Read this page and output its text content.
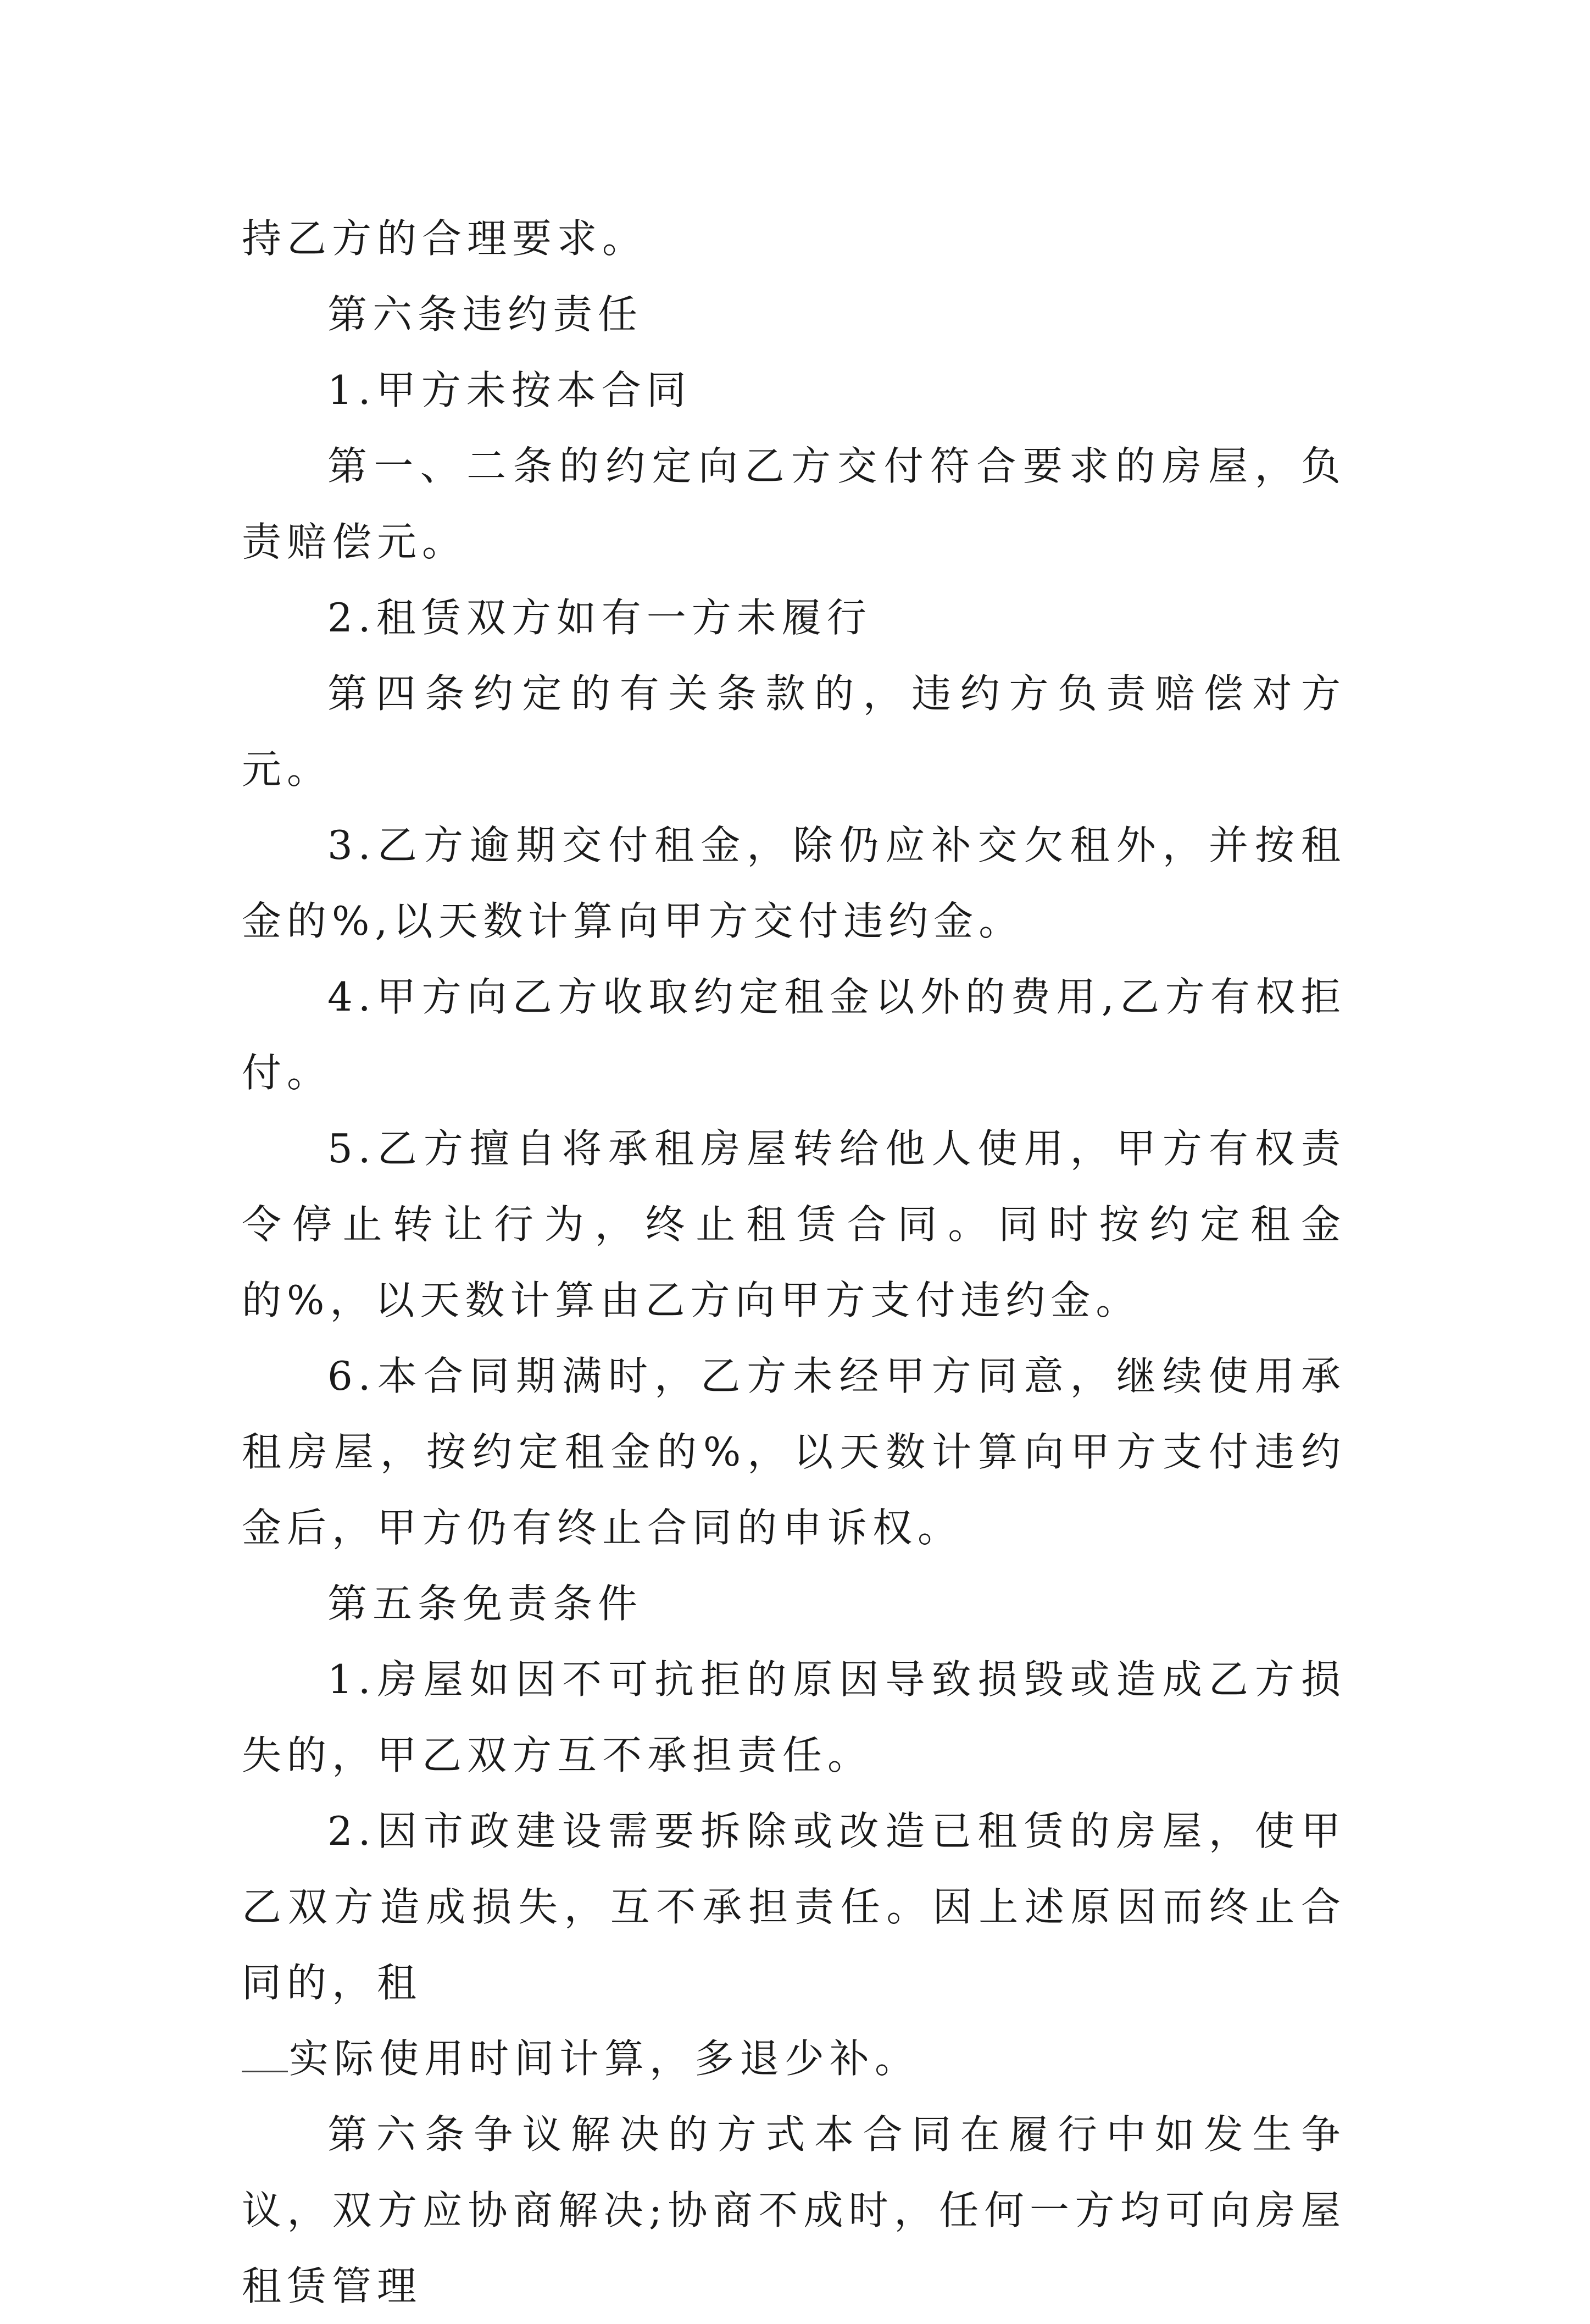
持乙方的合理要求。

第六条违约责任

1.甲方未按本合同

第一、二条的约定向乙方交付符合要求的房屋，负责赔偿元。

2.租赁双方如有一方未履行

第四条约定的有关条款的，违约方负责赔偿对方元。

3.乙方逾期交付租金，除仍应补交欠租外，并按租金的%,以天数计算向甲方交付违约金。

4.甲方向乙方收取约定租金以外的费用,乙方有权拒付。

5.乙方擅自将承租房屋转给他人使用，甲方有权责令停止转让行为，终止租赁合同。同时按约定租金的%，以天数计算由乙方向甲方支付违约金。

6.本合同期满时，乙方未经甲方同意，继续使用承租房屋，按约定租金的%，以天数计算向甲方支付违约金后，甲方仍有终止合同的申诉权。

第五条免责条件

1.房屋如因不可抗拒的原因导致损毁或造成乙方损失的，甲乙双方互不承担责任。

2.因市政建设需要拆除或改造已租赁的房屋，使甲乙双方造成损失，互不承担责任。因上述原因而终止合同的，租

实际使用时间计算，多退少补。

第六条争议解决的方式本合同在履行中如发生争议，双方应协商解决;协商不成时，任何一方均可向房屋租赁管理
